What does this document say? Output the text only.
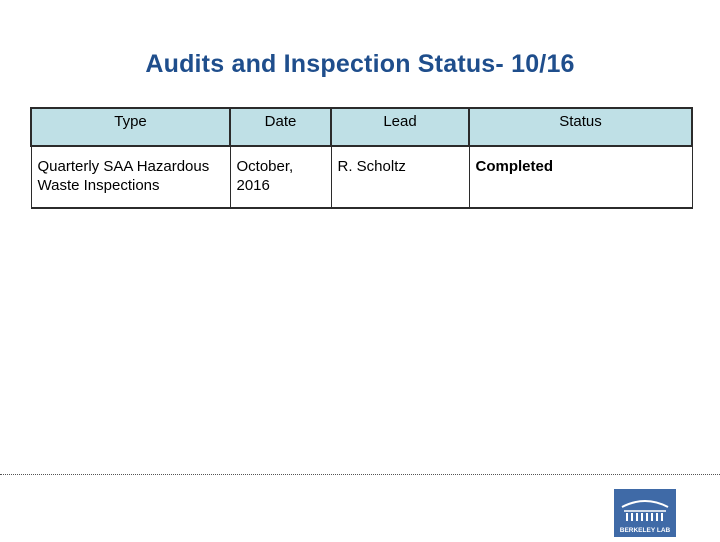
Audits and Inspection Status- 10/16
Type	Date	Lead	Status
Quarterly SAA Hazardous Waste Inspections	October, 2016	R. Scholtz	Completed
BERKELEY LAB
